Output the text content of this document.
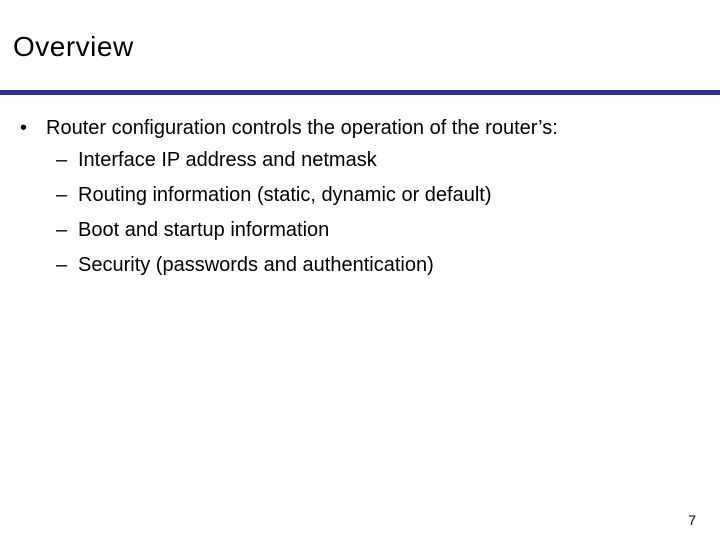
Overview
• Router configuration controls the operation of the router’s:
– Interface IP address and netmask
– Routing information (static, dynamic or default)
– Boot and startup information
– Security (passwords and authentication)
7
